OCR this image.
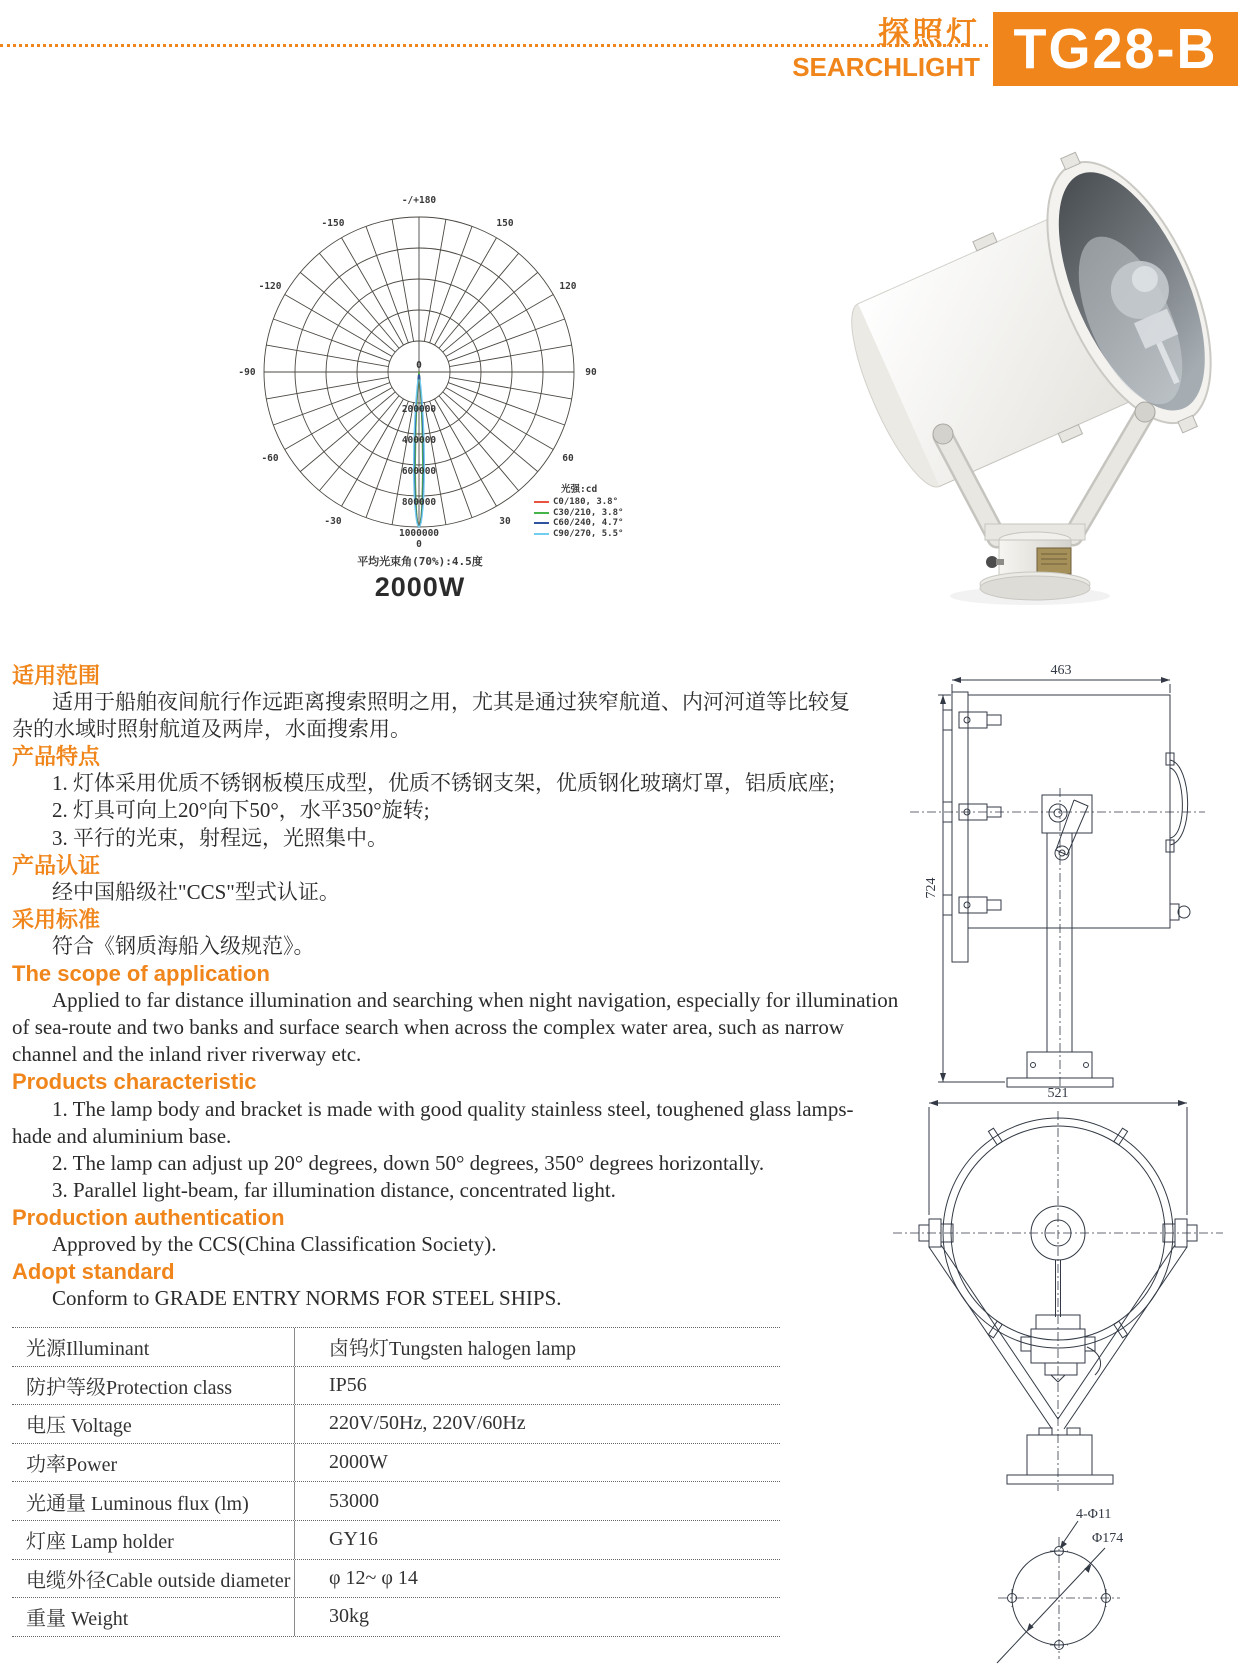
探照灯
SEARCHLIGHT TG28-B
-/+180
-150	150
-120	120
-90	90
-60	60
-30	30
0
0
200000
400000
600000
800000
1000000
光强:cd
C0/180, 3.8°
C30/210, 3.8°
C60/240, 4.7°
C90/270, 5.5°
平均光束角(70%):4.5度
2000W
适用范围
适用于船舶夜间航行作远距离搜索照明之用，尤其是通过狭窄航道、内河河道等比较复
杂的水域时照射航道及两岸，水面搜索用。
产品特点
1. 灯体采用优质不锈钢板模压成型，优质不锈钢支架，优质钢化玻璃灯罩，铝质底座;
2. 灯具可向上20°向下50°，水平350°旋转;
3. 平行的光束，射程远，光照集中。
产品认证
经中国船级社"CCS"型式认证。
采用标准
符合《钢质海船入级规范》。
The scope of application
Applied to far distance illumination and searching when night navigation, especially for illumination
of sea-route and two banks and surface search when across the complex water area, such as narrow
channel and the inland river riverway etc.
Products characteristic
1. The lamp body and bracket is made with good quality stainless steel, toughened glass lamps-
hade and aluminium base.
2. The lamp can adjust up 20° degrees, down 50° degrees, 350° degrees horizontally.
3. Parallel light-beam, far illumination distance, concentrated light.
Production authentication
Approved by the CCS(China Classification Society).
Adopt standard
Conform to GRADE ENTRY NORMS FOR STEEL SHIPS.
光源Illuminant	卤钨灯Tungsten halogen lamp
防护等级Protection class	IP56
电压 Voltage	220V/50Hz, 220V/60Hz
功率Power	2000W
光通量 Luminous flux (lm)	53000
灯座 Lamp holder	GY16
电缆外径Cable outside diameter	φ 12~ φ 14
重量 Weight	30kg
463
724
521
4-Φ11
Φ174
